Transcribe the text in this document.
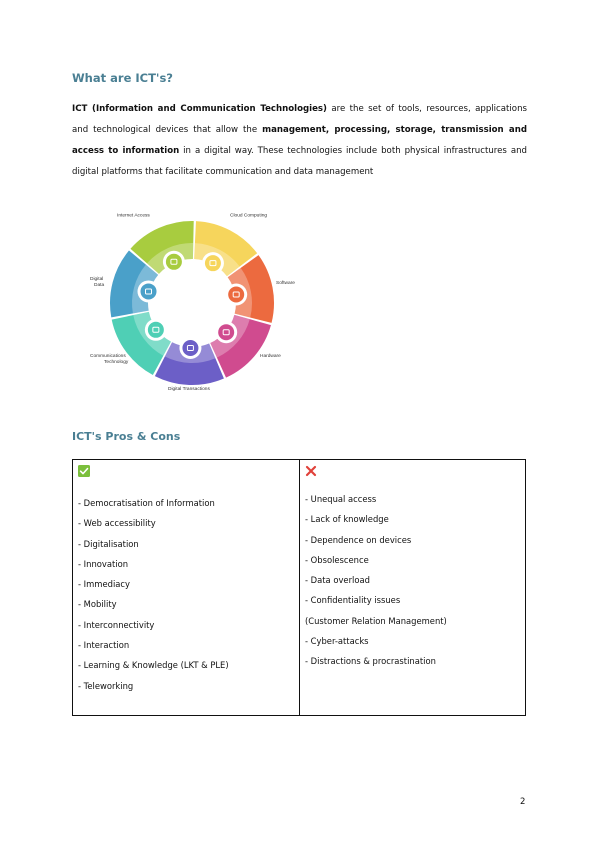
What are ICT's?
ICT (Information and Communication Technologies) are the set of tools, resources, applications and technological devices that allow the management, processing, storage, transmission and access to information in a digital way. These technologies include both physical infrastructures and digital platforms that facilitate communication and data management
Cloud Computing
Software
Hardware
Digital Transactions
Communications
Technology
Digital
Data
Internet Access
ICT's Pros & Cons
- Democratisation of Information
- Web accessibility
- Digitalisation
- Innovation
- Immediacy
- Mobility
- Interconnectivity
- Interaction
- Learning & Knowledge (LKT & PLE)
- Teleworking
- Unequal access
- Lack of knowledge
- Dependence on devices
- Obsolescence
- Data overload
- Confidentiality issues
(Customer Relation Management)
- Cyber-attacks
- Distractions & procrastination
2
